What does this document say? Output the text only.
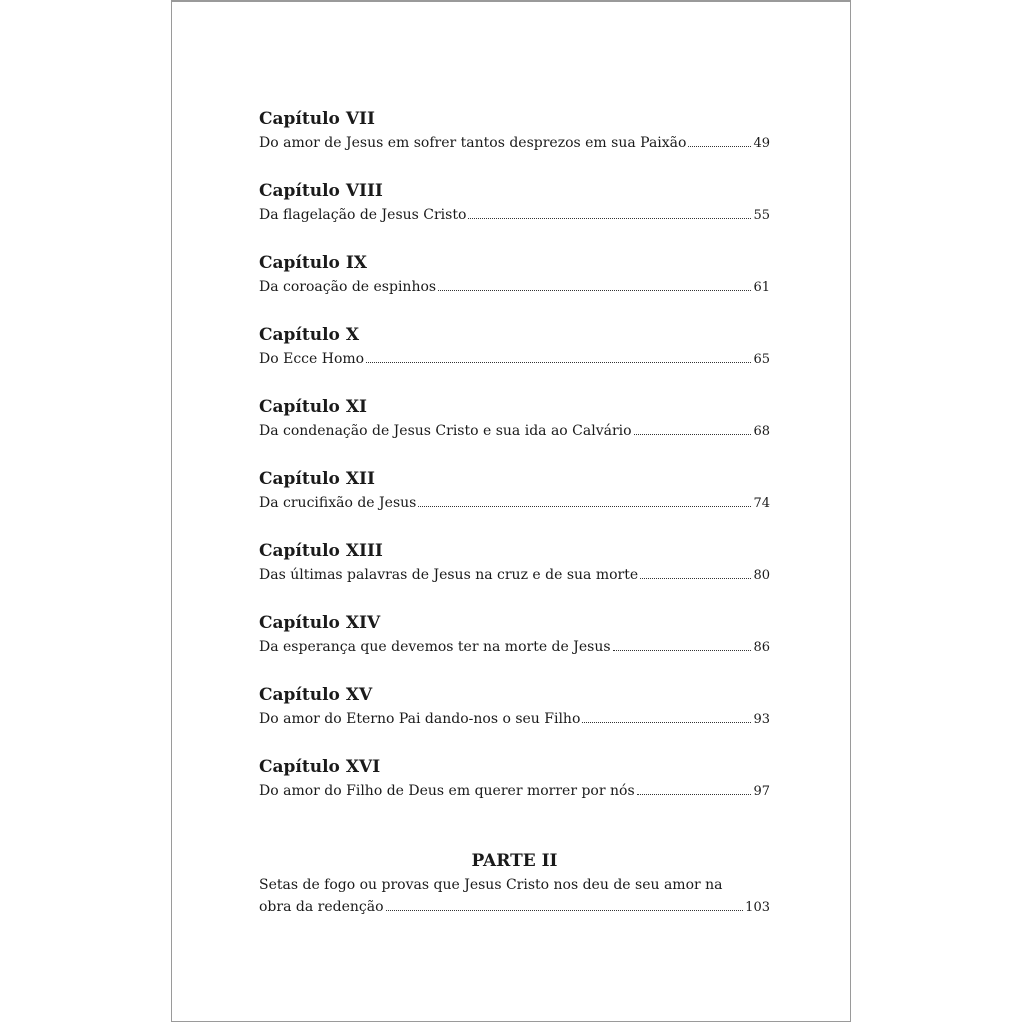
Capítulo VII
Do amor de Jesus em sofrer tantos desprezos em sua Paixão	49
Capítulo VIII
Da flagelação de Jesus Cristo	55
Capítulo IX
Da coroação de espinhos	61
Capítulo X
Do Ecce Homo	65
Capítulo XI
Da condenação de Jesus Cristo e sua ida ao Calvário	68
Capítulo XII
Da crucifixão de Jesus	74
Capítulo XIII
Das últimas palavras de Jesus na cruz e de sua morte	80
Capítulo XIV
Da esperança que devemos ter na morte de Jesus	86
Capítulo XV
Do amor do Eterno Pai dando-nos o seu Filho	93
Capítulo XVI
Do amor do Filho de Deus em querer morrer por nós	97
PARTE II
Setas de fogo ou provas que Jesus Cristo nos deu de seu amor na
obra da redenção	103
